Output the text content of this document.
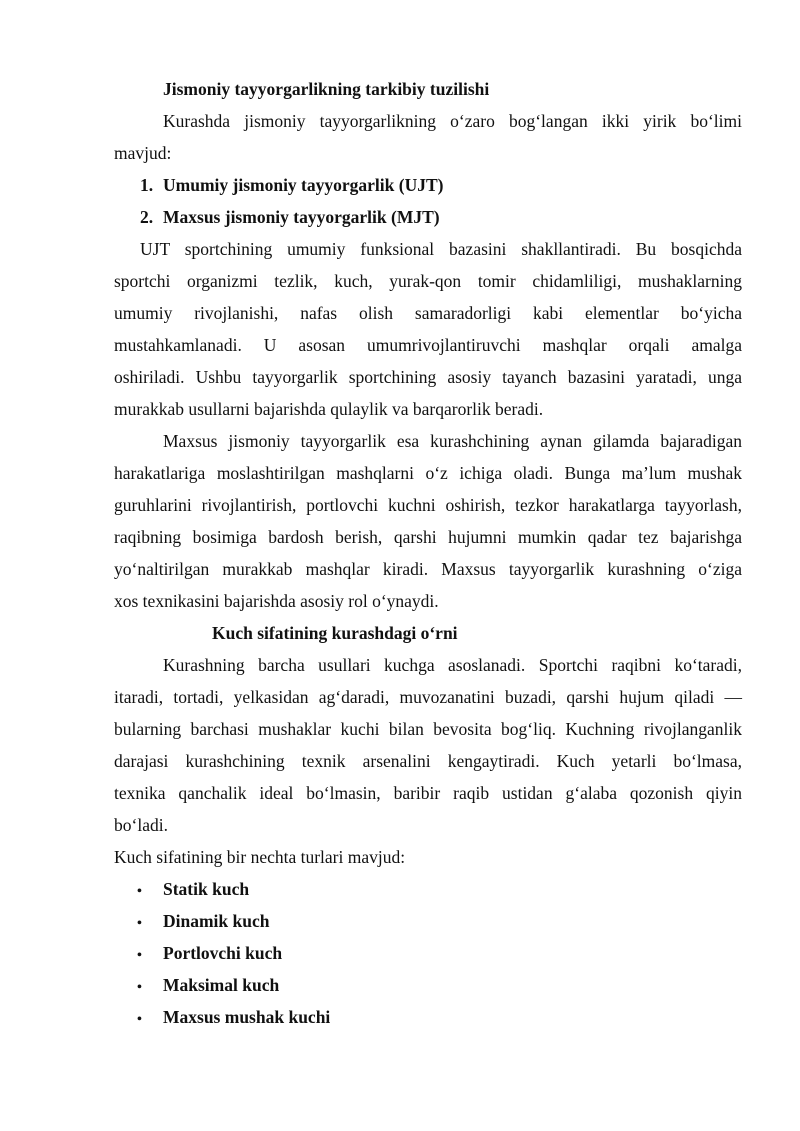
Jismoniy tayyorgarlikning tarkibiy tuzilishi
Kurashda jismoniy tayyorgarlikning o‘zaro bog‘langan ikki yirik bo‘limi
mavjud:
1. Umumiy jismoniy tayyorgarlik (UJT)
2. Maxsus jismoniy tayyorgarlik (MJT)
UJT sportchining umumiy funksional bazasini shakllantiradi. Bu bosqichda
sportchi organizmi tezlik, kuch, yurak-qon tomir chidamliligi, mushaklarning
umumiy rivojlanishi, nafas olish samaradorligi kabi elementlar bo‘yicha
mustahkamlanadi. U asosan umumrivojlantiruvchi mashqlar orqali amalga
oshiriladi. Ushbu tayyorgarlik sportchining asosiy tayanch bazasini yaratadi, unga
murakkab usullarni bajarishda qulaylik va barqarorlik beradi.
Maxsus jismoniy tayyorgarlik esa kurashchining aynan gilamda bajaradigan
harakatlariga moslashtirilgan mashqlarni o‘z ichiga oladi. Bunga ma’lum mushak
guruhlarini rivojlantirish, portlovchi kuchni oshirish, tezkor harakatlarga tayyorlash,
raqibning bosimiga bardosh berish, qarshi hujumni mumkin qadar tez bajarishga
yo‘naltirilgan murakkab mashqlar kiradi. Maxsus tayyorgarlik kurashning o‘ziga
xos texnikasini bajarishda asosiy rol o‘ynaydi.
Kuch sifatining kurashdagi o‘rni
Kurashning barcha usullari kuchga asoslanadi. Sportchi raqibni ko‘taradi,
itaradi, tortadi, yelkasidan ag‘daradi, muvozanatini buzadi, qarshi hujum qiladi —
bularning barchasi mushaklar kuchi bilan bevosita bog‘liq. Kuchning rivojlanganlik
darajasi kurashchining texnik arsenalini kengaytiradi. Kuch yetarli bo‘lmasa,
texnika qanchalik ideal bo‘lmasin, baribir raqib ustidan g‘alaba qozonish qiyin
bo‘ladi.
Kuch sifatining bir nechta turlari mavjud:
• Statik kuch
• Dinamik kuch
• Portlovchi kuch
• Maksimal kuch
• Maxsus mushak kuchi
